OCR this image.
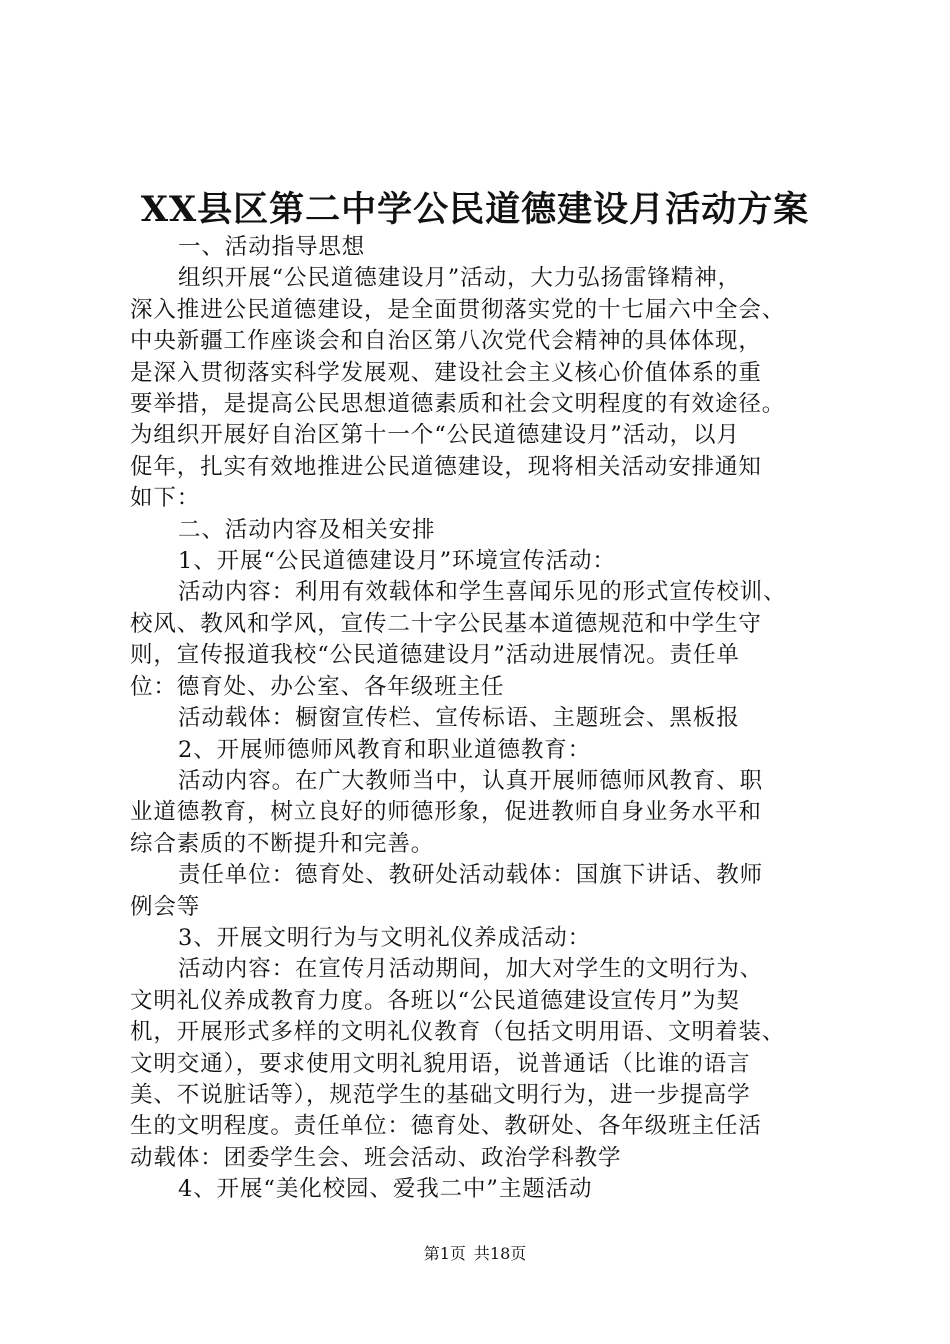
XX县区第二中学公民道德建设月活动方案
一、活动指导思想
组织开展“公民道德建设月”活动，大力弘扬雷锋精神，
深入推进公民道德建设，是全面贯彻落实党的十七届六中全会、
中央新疆工作座谈会和自治区第八次党代会精神的具体体现，
是深入贯彻落实科学发展观、建设社会主义核心价值体系的重
要举措，是提高公民思想道德素质和社会文明程度的有效途径。
为组织开展好自治区第十一个“公民道德建设月”活动，以月
促年，扎实有效地推进公民道德建设，现将相关活动安排通知
如下：
二、活动内容及相关安排
1、开展“公民道德建设月”环境宣传活动：
活动内容：利用有效载体和学生喜闻乐见的形式宣传校训、
校风、教风和学风，宣传二十字公民基本道德规范和中学生守
则，宣传报道我校“公民道德建设月”活动进展情况。责任单
位：德育处、办公室、各年级班主任
活动载体：橱窗宣传栏、宣传标语、主题班会、黑板报
2、开展师德师风教育和职业道德教育：
活动内容。在广大教师当中，认真开展师德师风教育、职
业道德教育，树立良好的师德形象，促进教师自身业务水平和
综合素质的不断提升和完善。
责任单位：德育处、教研处活动载体：国旗下讲话、教师
例会等
3、开展文明行为与文明礼仪养成活动：
活动内容：在宣传月活动期间，加大对学生的文明行为、
文明礼仪养成教育力度。各班以“公民道德建设宣传月”为契
机，开展形式多样的文明礼仪教育（包括文明用语、文明着装、
文明交通），要求使用文明礼貌用语，说普通话（比谁的语言
美、不说脏话等），规范学生的基础文明行为，进一步提高学
生的文明程度。责任单位：德育处、教研处、各年级班主任活
动载体：团委学生会、班会活动、政治学科教学
4、开展“美化校园、爱我二中”主题活动
第1页 共18页
